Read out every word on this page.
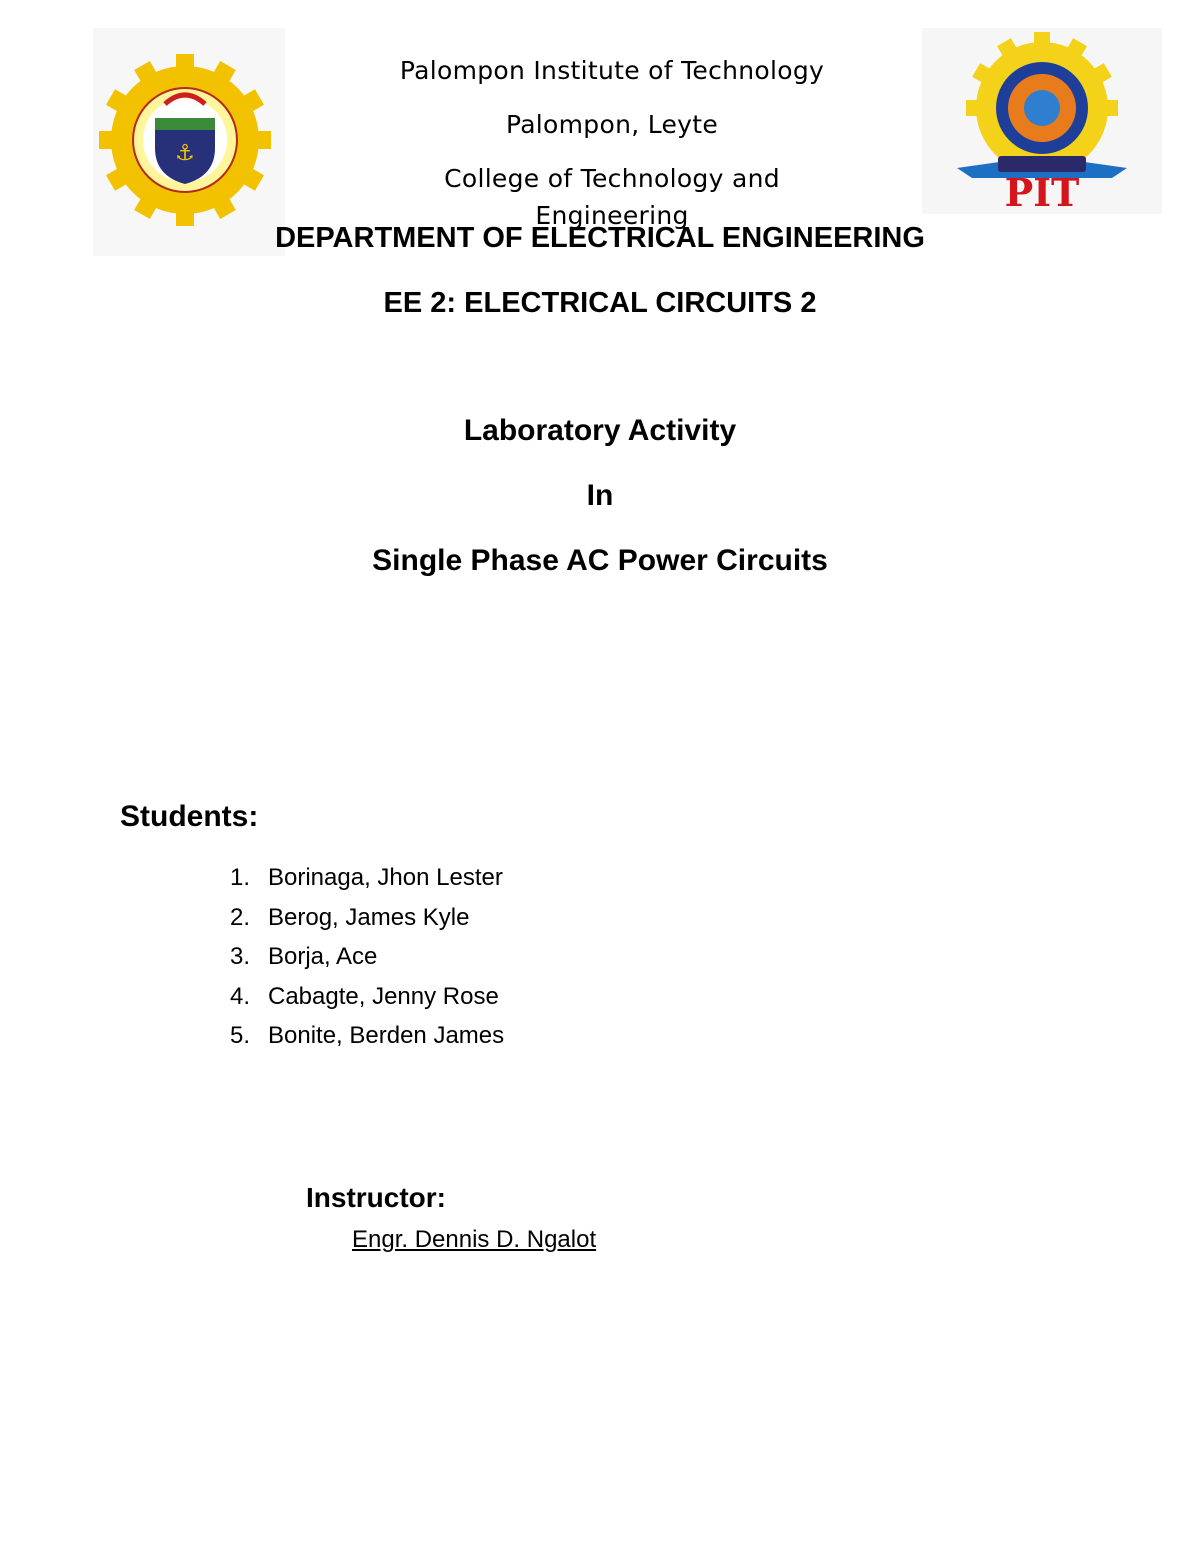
⚓
Palompon Institute of Technology
Palompon, Leyte
College of Technology and
Engineering
PIT
DEPARTMENT OF ELECTRICAL ENGINEERING
EE 2: ELECTRICAL CIRCUITS 2
Laboratory Activity
In
Single Phase AC Power Circuits
Students:
1. Borinaga, Jhon Lester
2. Berog, James Kyle
3. Borja, Ace
4. Cabagte, Jenny Rose
5. Bonite, Berden James
Instructor:
Engr. Dennis D. Ngalot
